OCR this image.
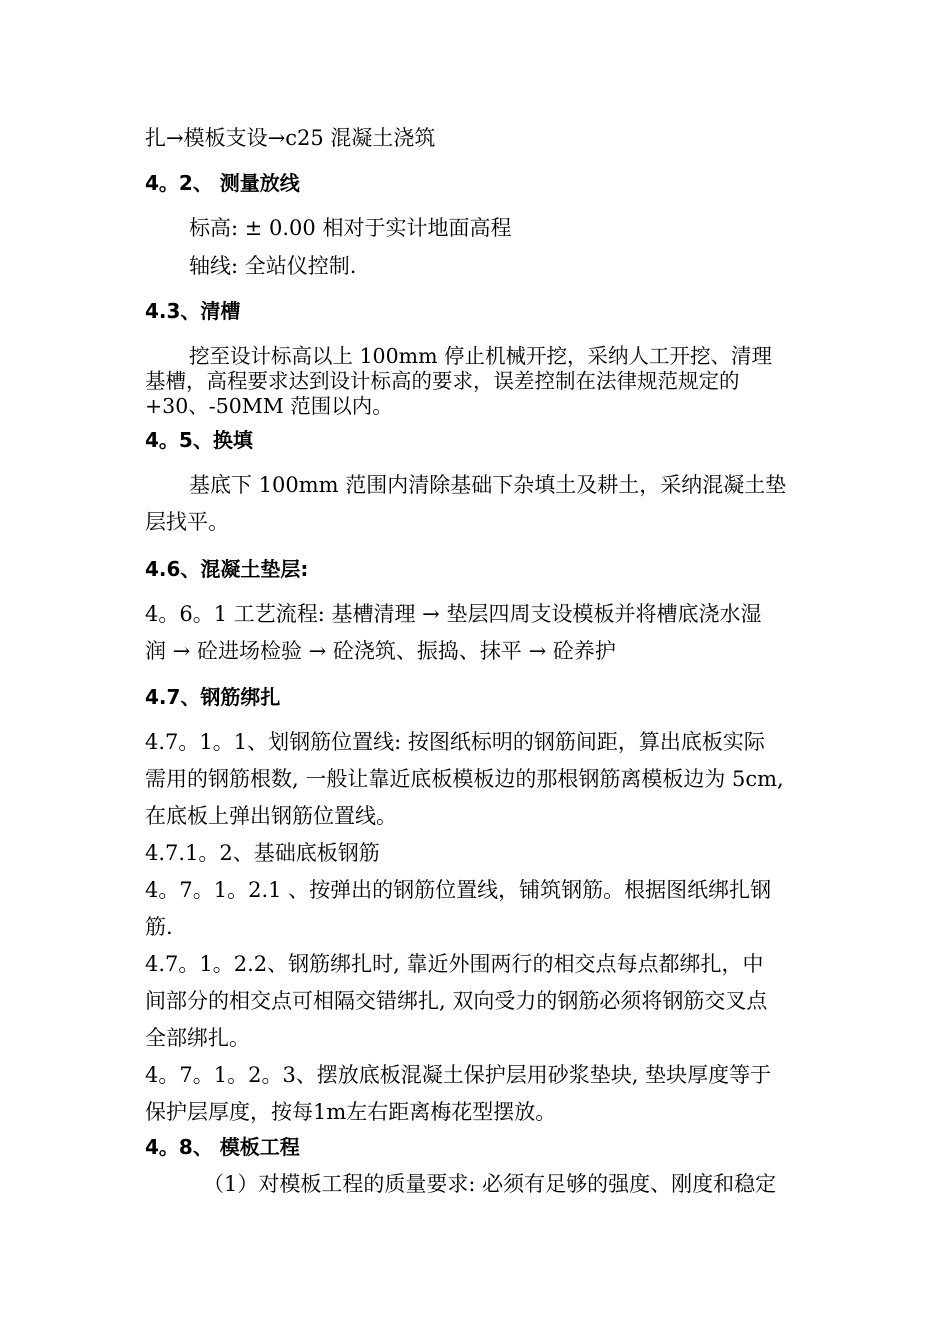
扎→模板支设→c25 混凝土浇筑
4。2、 测量放线
标高: ± 0.00 相对于实计地面高程
轴线: 全站仪控制.
4.3、清槽
挖至设计标高以上 100mm 停止机械开挖，采纳人工开挖、清理
基槽，高程要求达到设计标高的要求，误差控制在法律规范规定的
+30、-50MM 范围以内。
4。5、换填
基底下 100mm 范围内清除基础下杂填土及耕土，采纳混凝土垫
层找平。
4.6、混凝土垫层:
4。6。1 工艺流程: 基槽清理 → 垫层四周支设模板并将槽底浇水湿
润 → 砼进场检验 → 砼浇筑、振捣、抹平 → 砼养护
4.7、钢筋绑扎
4.7。1。1、划钢筋位置线: 按图纸标明的钢筋间距，算出底板实际
需用的钢筋根数, 一般让靠近底板模板边的那根钢筋离模板边为 5cm,
在底板上弹出钢筋位置线。
4.7.1。2、基础底板钢筋
4。7。1。2.1 、按弹出的钢筋位置线，铺筑钢筋。根据图纸绑扎钢
筋.
4.7。1。2.2、钢筋绑扎时, 靠近外围两行的相交点每点都绑扎，中
间部分的相交点可相隔交错绑扎, 双向受力的钢筋必须将钢筋交叉点
全部绑扎。
4。7。1。2。3、摆放底板混凝土保护层用砂浆垫块, 垫块厚度等于
保护层厚度，按每1m左右距离梅花型摆放。
4。8、 模板工程
（1）对模板工程的质量要求: 必须有足够的强度、刚度和稳定
